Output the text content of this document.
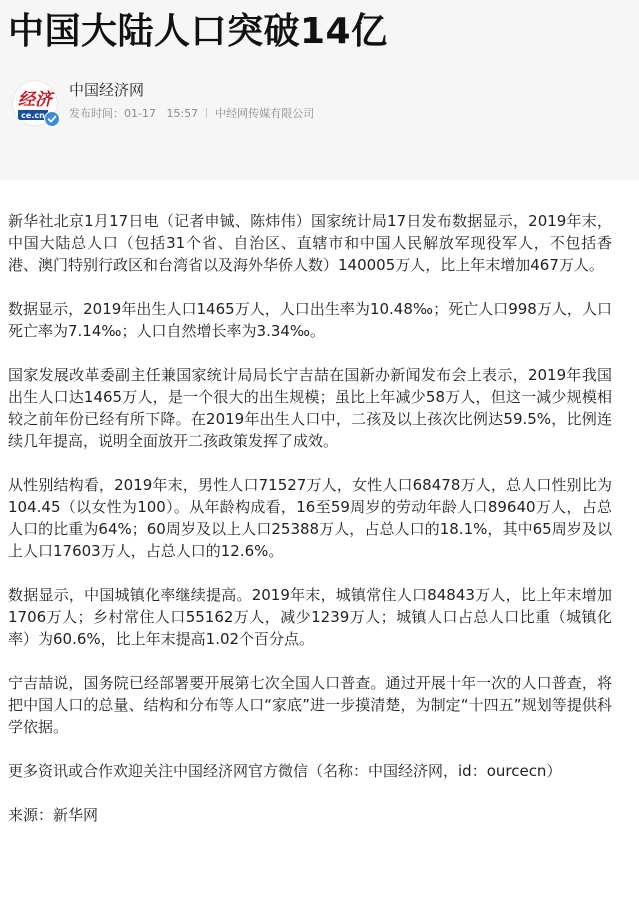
中国大陆人口突破14亿
经济
ce.cn
中国经济网
发布时间：01-17 15:57 中经网传媒有限公司

新华社北京1月17日电（记者申铖、陈炜伟）国家统计局17日发布数据显示，2019年末，中国大陆总人口（包括31个省、自治区、直辖市和中国人民解放军现役军人，不包括香港、澳门特别行政区和台湾省以及海外华侨人数）140005万人，比上年末增加467万人。

数据显示，2019年出生人口1465万人，人口出生率为10.48‰；死亡人口998万人，人口死亡率为7.14‰；人口自然增长率为3.34‰。

国家发展改革委副主任兼国家统计局局长宁吉喆在国新办新闻发布会上表示，2019年我国出生人口达1465万人，是一个很大的出生规模；虽比上年减少58万人，但这一减少规模相较之前年份已经有所下降。在2019年出生人口中，二孩及以上孩次比例达59.5%，比例连续几年提高，说明全面放开二孩政策发挥了成效。

从性别结构看，2019年末，男性人口71527万人，女性人口68478万人，总人口性别比为104.45（以女性为100）。从年龄构成看，16至59周岁的劳动年龄人口89640万人，占总人口的比重为64%；60周岁及以上人口25388万人，占总人口的18.1%，其中65周岁及以上人口17603万人，占总人口的12.6%。

数据显示，中国城镇化率继续提高。2019年末，城镇常住人口84843万人，比上年末增加1706万人；乡村常住人口55162万人，减少1239万人；城镇人口占总人口比重（城镇化率）为60.6%，比上年末提高1.02个百分点。

宁吉喆说，国务院已经部署要开展第七次全国人口普查。通过开展十年一次的人口普查，将把中国人口的总量、结构和分布等人口“家底”进一步摸清楚，为制定“十四五”规划等提供科学依据。

更多资讯或合作欢迎关注中国经济网官方微信（名称：中国经济网，id：ourcecn）

来源：新华网
